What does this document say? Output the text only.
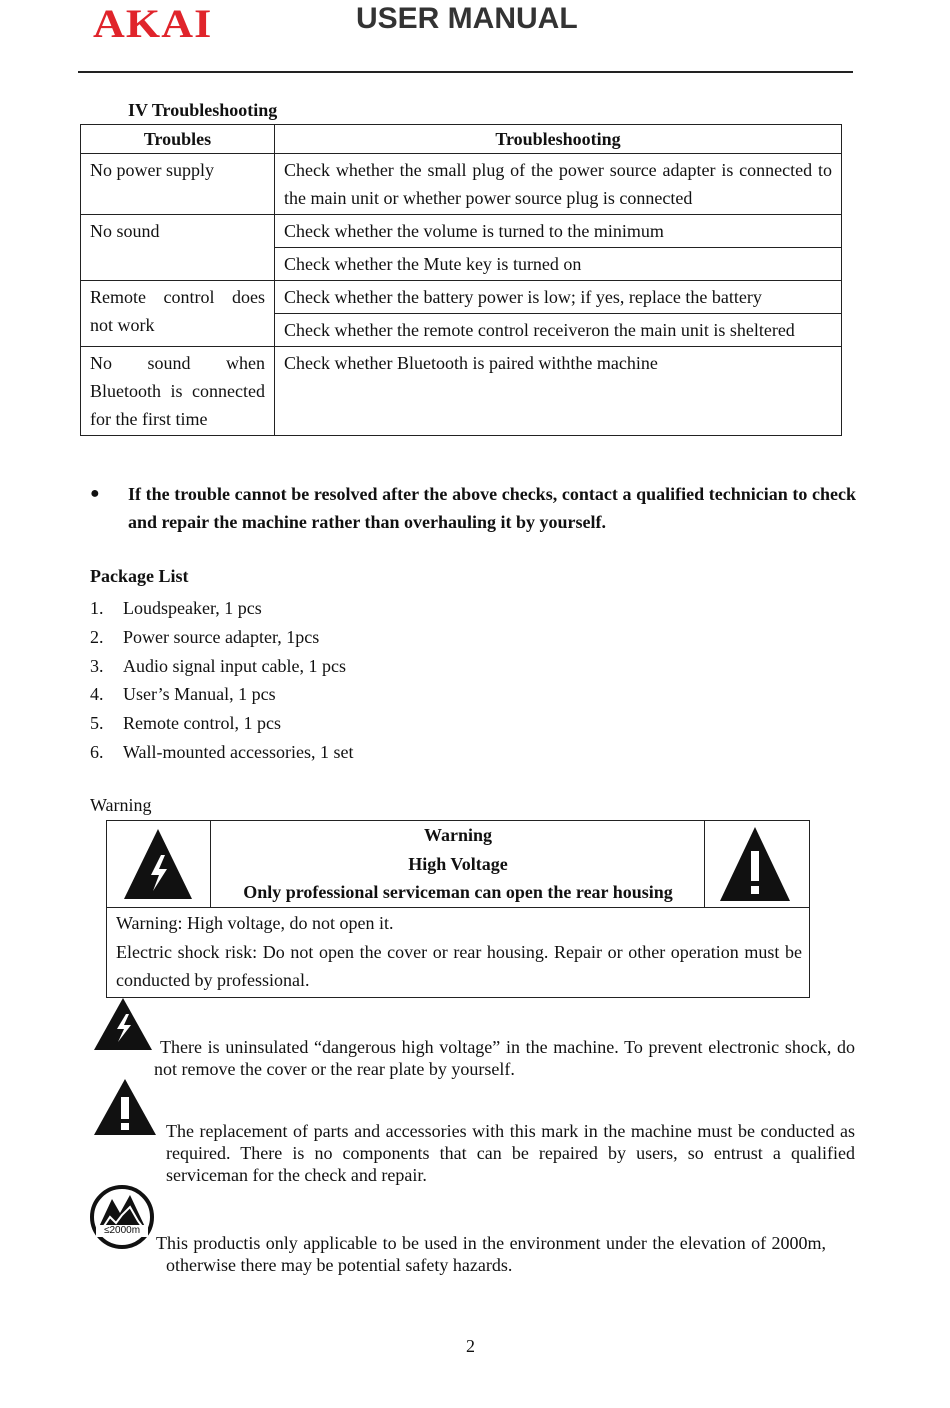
AKAI	USER MANUAL
IV Troubleshooting
Troubles	Troubleshooting
No power supply	Check whether the small plug of the power source adapter is connected to the main unit or whether power source plug is connected
No sound	Check whether the volume is turned to the minimum
	Check whether the Mute key is turned on
Remote control does not work	Check whether the battery power is low; if yes, replace the battery
	Check whether the remote control receiveron the main unit is sheltered
No sound when Bluetooth is connected for the first time	Check whether Bluetooth is paired withthe machine
● If the trouble cannot be resolved after the above checks, contact a qualified technician to check and repair the machine rather than overhauling it by yourself.
Package List
1. Loudspeaker, 1 pcs
2. Power source adapter, 1pcs
3. Audio signal input cable, 1 pcs
4. User’s Manual, 1 pcs
5. Remote control, 1 pcs
6. Wall-mounted accessories, 1 set
Warning
Warning
High Voltage
Only professional serviceman can open the rear housing
Warning: High voltage, do not open it.
Electric shock risk: Do not open the cover or rear housing. Repair or other operation must be conducted by professional.
There is uninsulated “dangerous high voltage” in the machine. To prevent electronic shock, do not remove the cover or the rear plate by yourself.
The replacement of parts and accessories with this mark in the machine must be conducted as required. There is no components that can be repaired by users, so entrust a qualified serviceman for the check and repair.
≤2000m
This productis only applicable to be used in the environment under the elevation of 2000m, otherwise there may be potential safety hazards.
2
